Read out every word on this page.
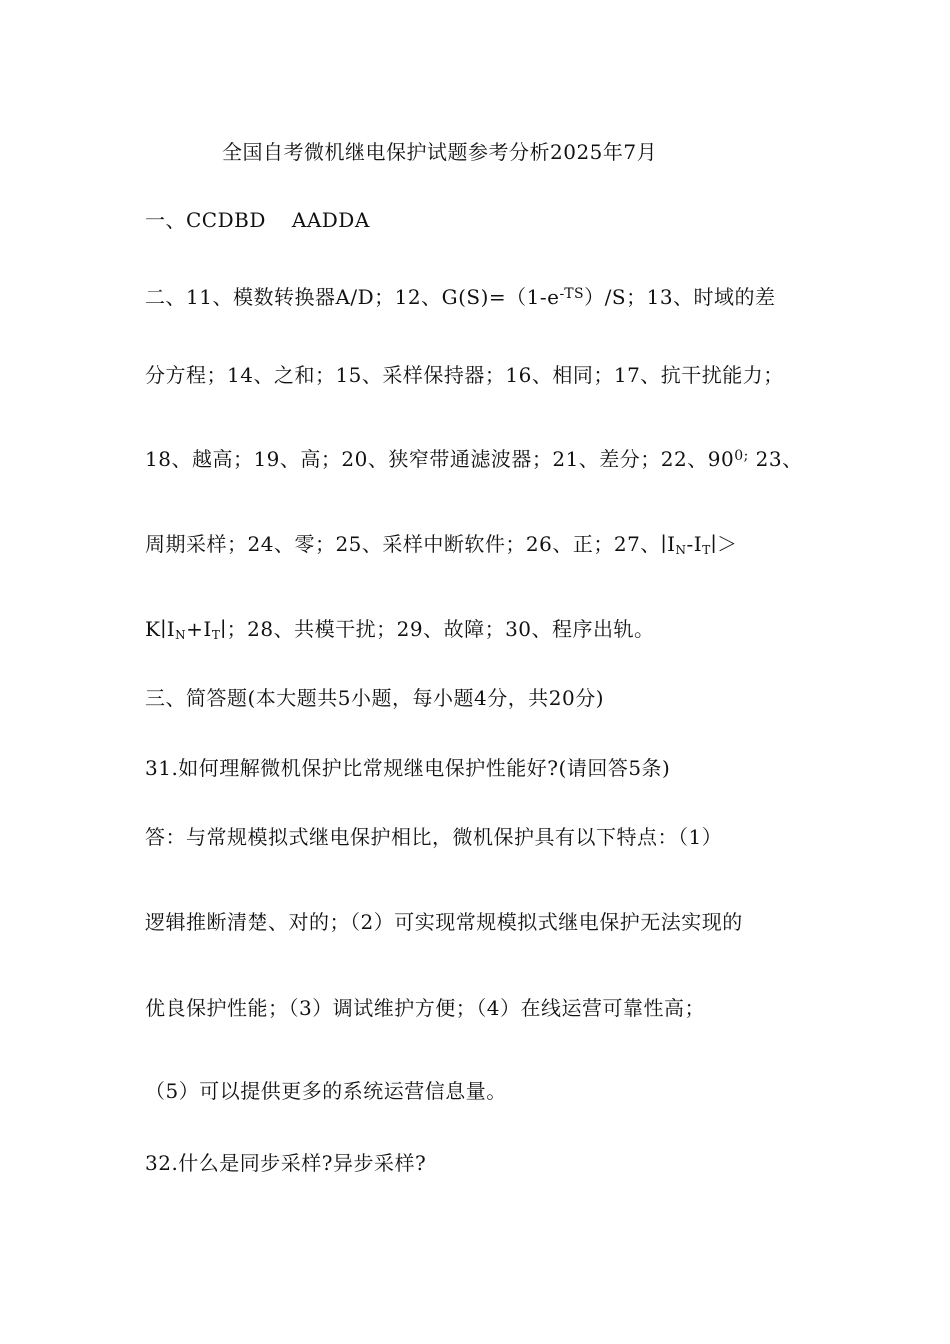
全国自考微机继电保护试题参考分析2025年7月
一、CCDBD AADDA
二、11、模数转换器A/D；12、$G(S)=(1-e^{-TS})/S$；13、时域的差
分方程；14、之和；15、采样保持器；16、相同；17、抗干扰能力；
18、越高；19、高；20、狭窄带通滤波器；21、差分；22、$90^{0;}$ 23、
周期采样；24、零；25、采样中断软件；26、正；27、$∣I_N-I_T∣>$
$K∣I_N+I_T∣$；28、共模干扰；29、故障；30、程序出轨。
三、简答题(本大题共5小题，每小题4分，共20分)
31.如何理解微机保护比常规继电保护性能好?(请回答5条)
答：与常规模拟式继电保护相比，微机保护具有以下特点：（1）
逻辑推断清楚、对的；（2）可实现常规模拟式继电保护无法实现的
优良保护性能；（3）调试维护方便；（4）在线运营可靠性高；
（5）可以提供更多的系统运营信息量。
32.什么是同步采样?异步采样?
